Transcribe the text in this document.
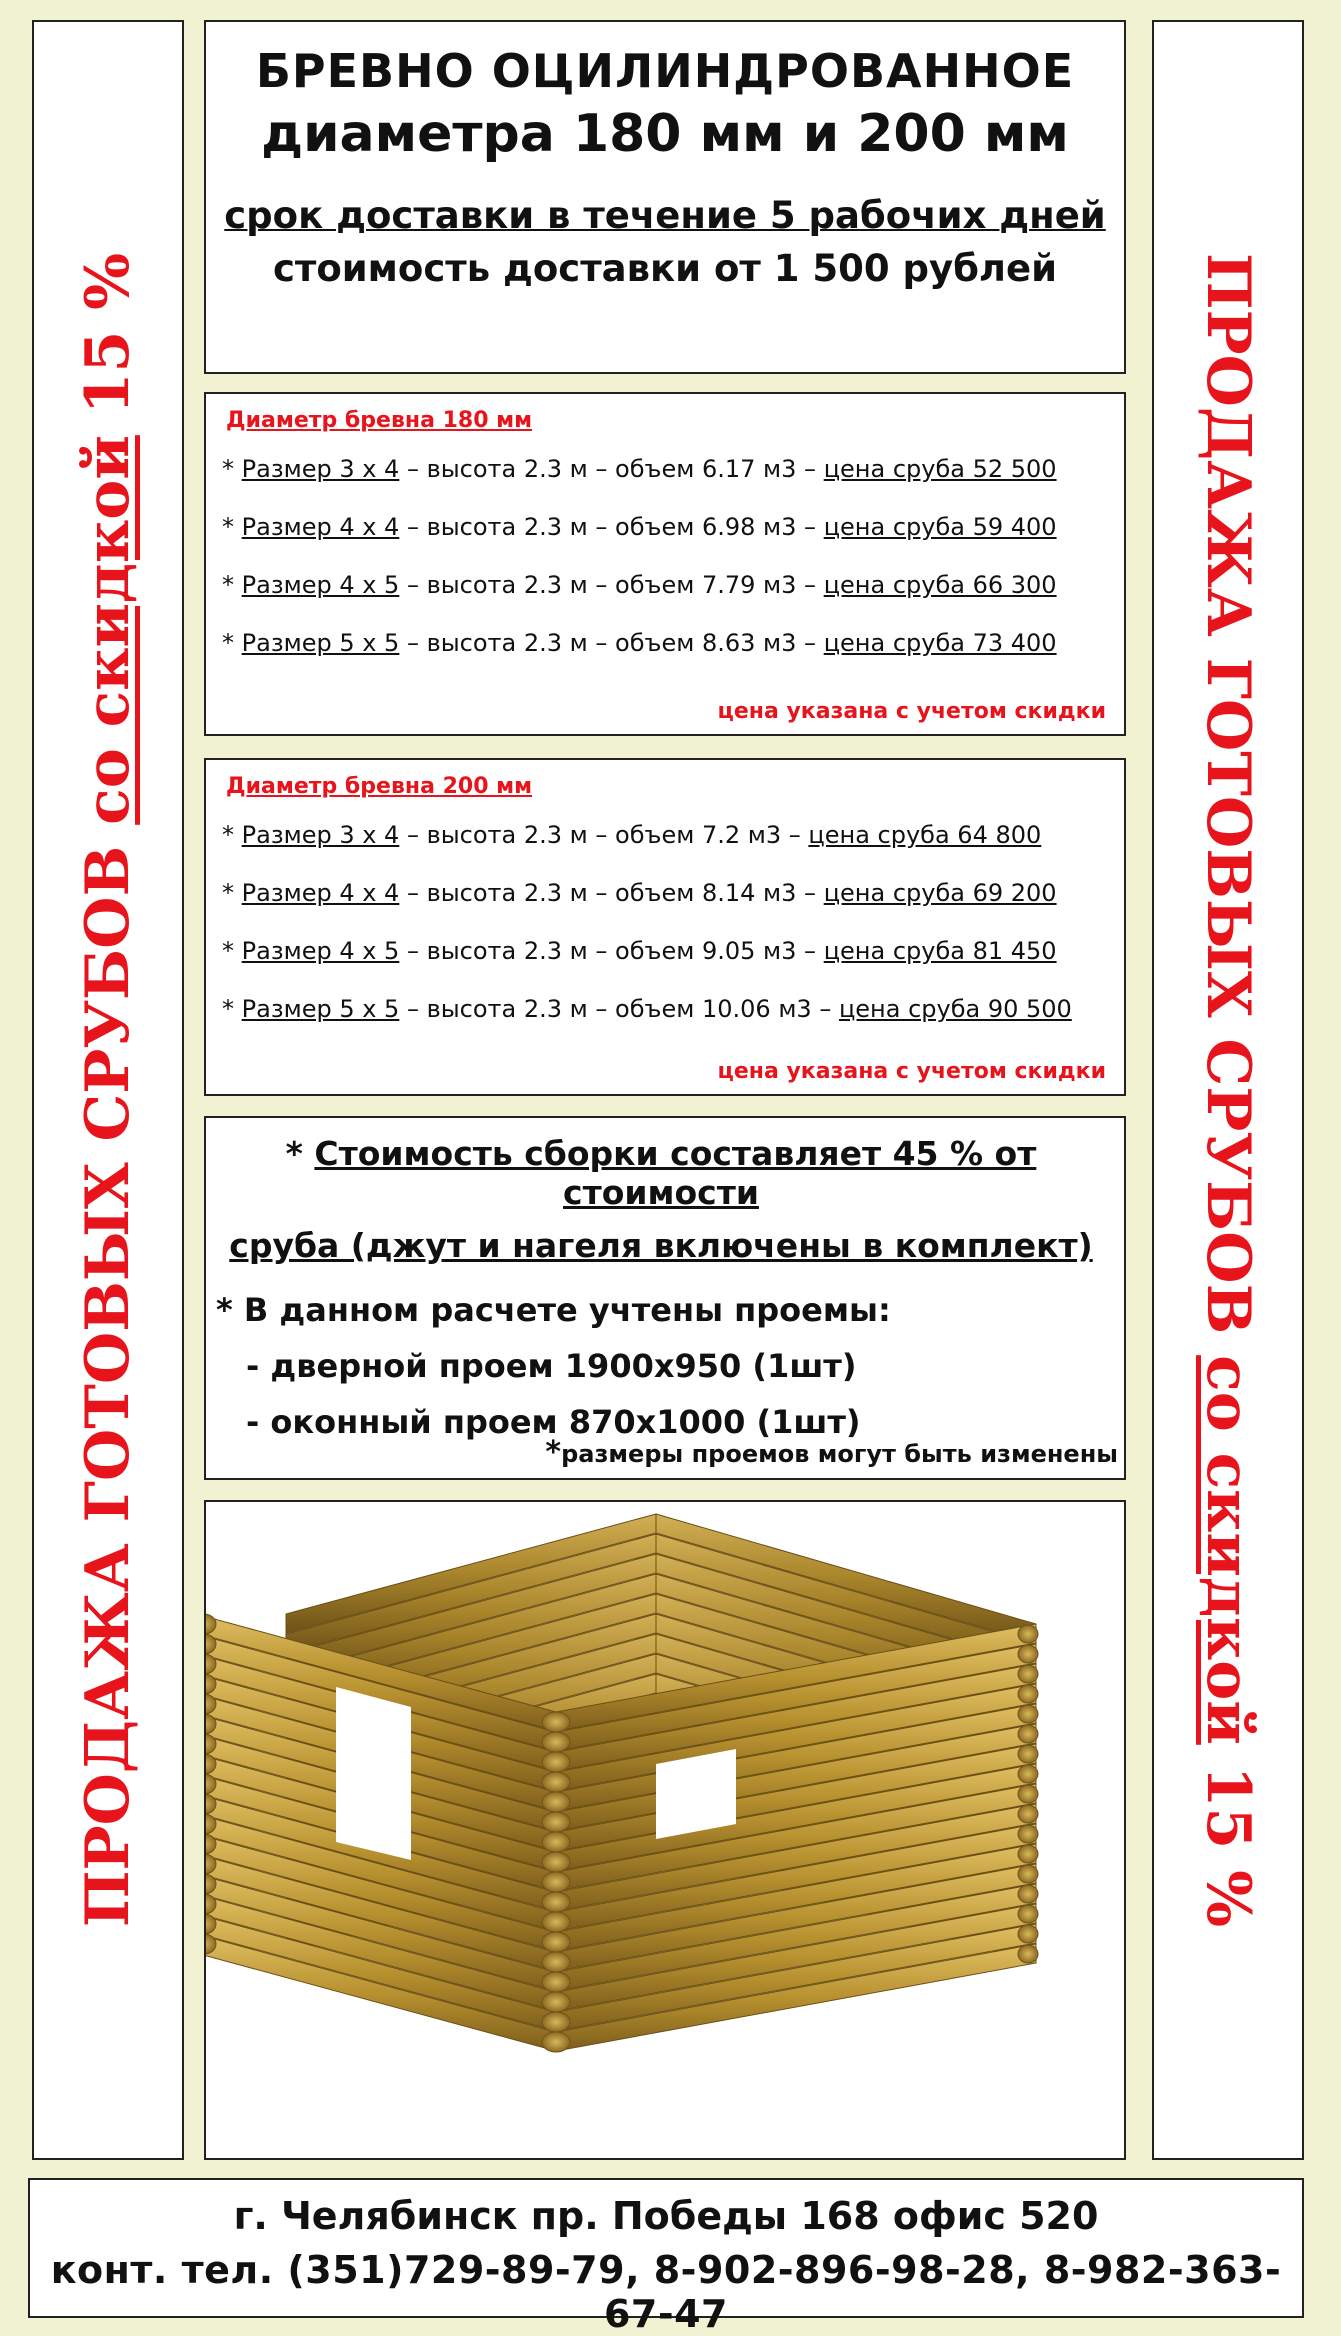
ПРОДАЖА ГОТОВЫХ СРУБОВ со скидкой 15 %	ПРОДАЖА ГОТОВЫХ СРУБОВ со скидкой 15 %
БРЕВНО ОЦИЛИНДРОВАННОЕ
диаметра 180 мм и 200 мм
срок доставки в течение 5 рабочих дней
стоимость доставки от 1 500 рублей
Диаметр бревна 180 мм
* Размер 3 х 4 – высота 2.3 м – объем 6.17 м3 – цена сруба 52 500
* Размер 4 х 4 – высота 2.3 м – объем 6.98 м3 – цена сруба 59 400
* Размер 4 х 5 – высота 2.3 м – объем 7.79 м3 – цена сруба 66 300
* Размер 5 х 5 – высота 2.3 м – объем 8.63 м3 – цена сруба 73 400
цена указана с учетом скидки
Диаметр бревна 200 мм
* Размер 3 х 4 – высота 2.3 м – объем 7.2 м3 – цена сруба 64 800
* Размер 4 х 4 – высота 2.3 м – объем 8.14 м3 – цена сруба 69 200
* Размер 4 х 5 – высота 2.3 м – объем 9.05 м3 – цена сруба 81 450
* Размер 5 х 5 – высота 2.3 м – объем 10.06 м3 – цена сруба 90 500
цена указана с учетом скидки
* Стоимость сборки составляет 45 % от стоимости
сруба (джут и нагеля включены в комплект)
* В данном расчете учтены проемы:
- дверной проем 1900х950 (1шт)
- оконный проем 870х1000 (1шт)
*размеры проемов могут быть изменены
г. Челябинск пр. Победы 168 офис 520
конт. тел. (351)729-89-79, 8-902-896-98-28, 8-982-363-67-47
